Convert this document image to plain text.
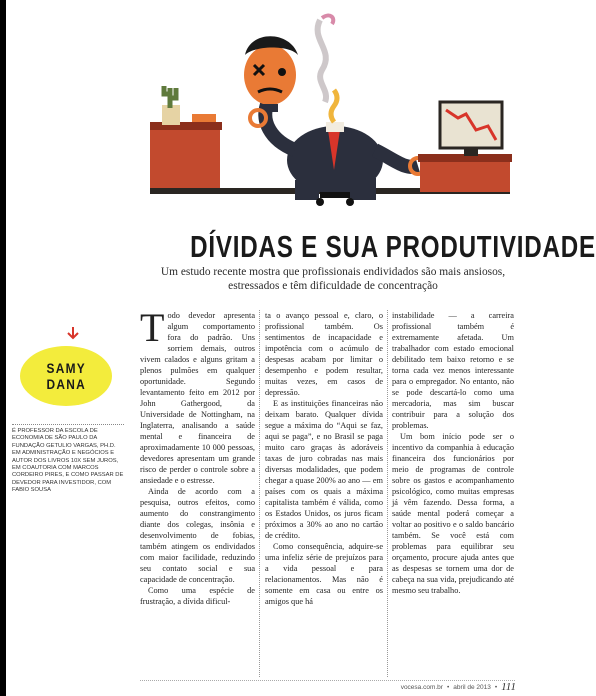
DÍVIDAS E SUA PRODUTIVIDADE
Um estudo recente mostra que profissionais endividados são mais ansiosos, estressados e têm dificuldade de concentração
SAMY
DANA

É PROFESSOR DA ESCOLA DE ECONOMIA DE SÃO PAULO DA FUNDAÇÃO GETULIO VARGAS, PH.D. EM ADMINISTRAÇÃO E NEGÓCIOS E AUTOR DOS LIVROS 10X SEM JUROS, EM COAUTORIA COM MARCOS CORDEIRO PIRES, E COMO PASSAR DE DEVEDOR PARA INVESTIDOR, COM FABIO SOUSA

Todo devedor apresenta algum comportamento fora do padrão. Uns sorriem demais, outros vivem calados e alguns gritam a plenos pulmões em qualquer oportunidade. Segundo levantamento feito em 2012 por John Gathergood, da Universidade de Nottingham, na Inglaterra, analisando a saúde mental e financeira de aproximadamente 10 000 pessoas, devedores apresentam um grande risco de perder o controle sobre a ansiedade e o estresse.

Ainda de acordo com a pesquisa, outros efeitos, como aumento do constrangimento diante dos colegas, insônia e desenvolvimento de fobias, também atingem os endividados com maior facilidade, reduzindo seu contato social e sua capacidade de concentração.

Como uma espécie de frustração, a dívida dificul-

ta o avanço pessoal e, claro, o profissional também. Os sentimentos de incapacidade e impotência com o acúmulo de despesas acabam por limitar o desempenho e podem resultar, muitas vezes, em casos de depressão.

E as instituições financeiras não deixam barato. Qualquer dívida segue a máxima do “Aqui se faz, aqui se paga”, e no Brasil se paga muito caro graças às adoráveis taxas de juro cobradas nas mais diversas modalidades, que podem chegar a quase 200% ao ano — em países com os quais a máxima capitalista também é válida, como os Estados Unidos, os juros ficam próximos a 30% ao ano no cartão de crédito.

Como consequência, adquire-se uma infeliz série de prejuízos para a vida pessoal e para relacionamentos. Mas não é somente em casa ou entre os amigos que há

instabilidade — a carreira profissional também é extremamente afetada. Um trabalhador com estado emocional debilitado tem baixo retorno e se torna cada vez menos interessante para o empregador. No entanto, não se pode descartá-lo como uma mercadoria, mas sim buscar contribuir para a solução dos problemas.

Um bom início pode ser o incentivo da companhia à educação financeira dos funcionários por meio de programas de controle sobre os gastos e acompanhamento psicológico, como muitas empresas já vêm fazendo. Dessa forma, a saúde mental poderá começar a voltar ao positivo e o saldo bancário também. Se você está com problemas para equilibrar seu orçamento, procure ajuda antes que as despesas se tornem uma dor de cabeça na sua vida, prejudicando até mesmo seu trabalho.

vocesa.com.br • abril de 2013 • 111
